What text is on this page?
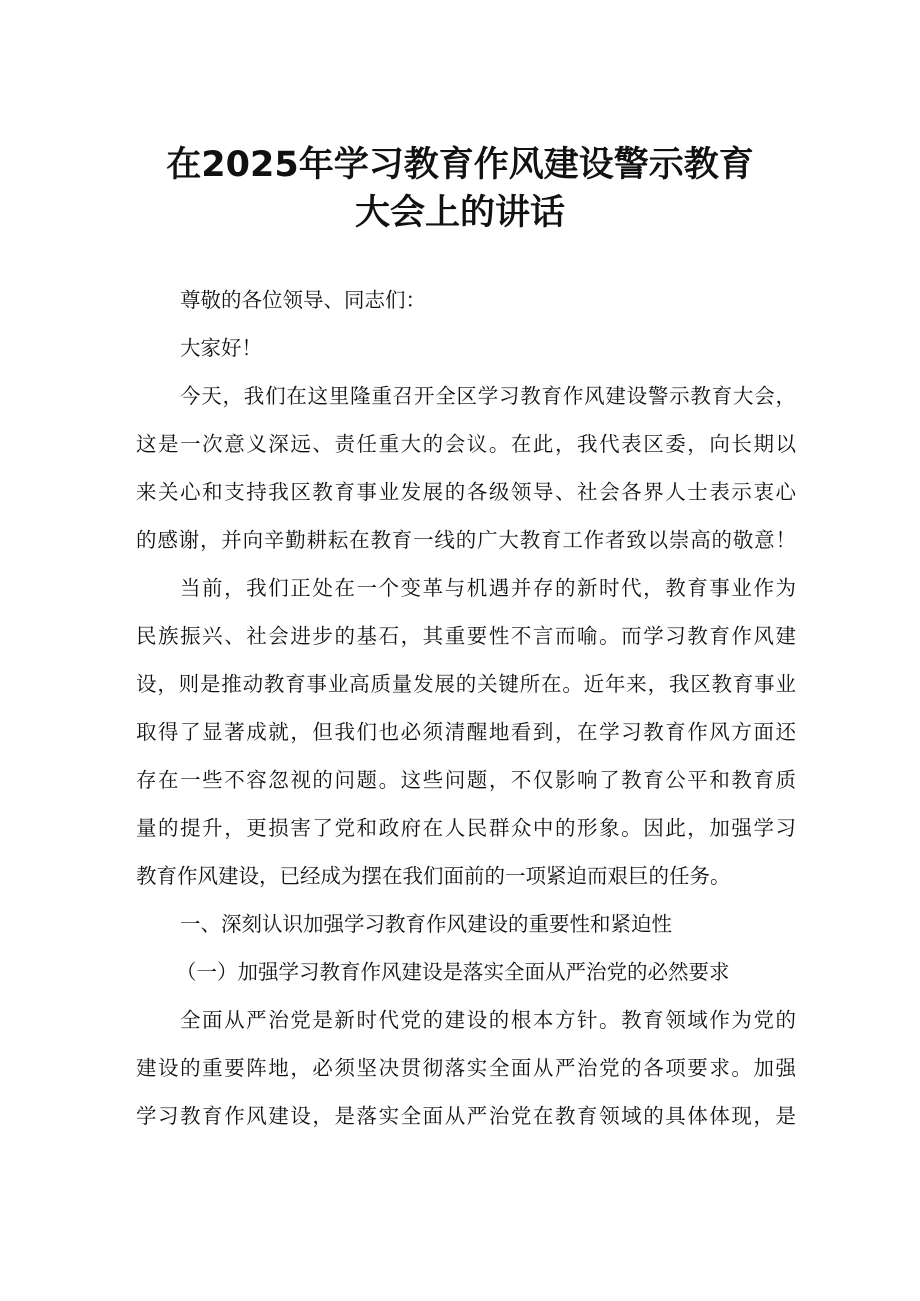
在2025年学习教育作风建设警示教育
大会上的讲话
尊敬的各位领导、同志们：
大家好！
今天，我们在这里隆重召开全区学习教育作风建设警示教育大会，
这是一次意义深远、责任重大的会议。在此，我代表区委，向长期以
来关心和支持我区教育事业发展的各级领导、社会各界人士表示衷心
的感谢，并向辛勤耕耘在教育一线的广大教育工作者致以崇高的敬意！
当前，我们正处在一个变革与机遇并存的新时代，教育事业作为
民族振兴、社会进步的基石，其重要性不言而喻。而学习教育作风建
设，则是推动教育事业高质量发展的关键所在。近年来，我区教育事业
取得了显著成就，但我们也必须清醒地看到，在学习教育作风方面还
存在一些不容忽视的问题。这些问题，不仅影响了教育公平和教育质
量的提升，更损害了党和政府在人民群众中的形象。因此，加强学习
教育作风建设，已经成为摆在我们面前的一项紧迫而艰巨的任务。
一、深刻认识加强学习教育作风建设的重要性和紧迫性
（一）加强学习教育作风建设是落实全面从严治党的必然要求
全面从严治党是新时代党的建设的根本方针。教育领域作为党的
建设的重要阵地，必须坚决贯彻落实全面从严治党的各项要求。加强
学习教育作风建设，是落实全面从严治党在教育领域的具体体现，是
